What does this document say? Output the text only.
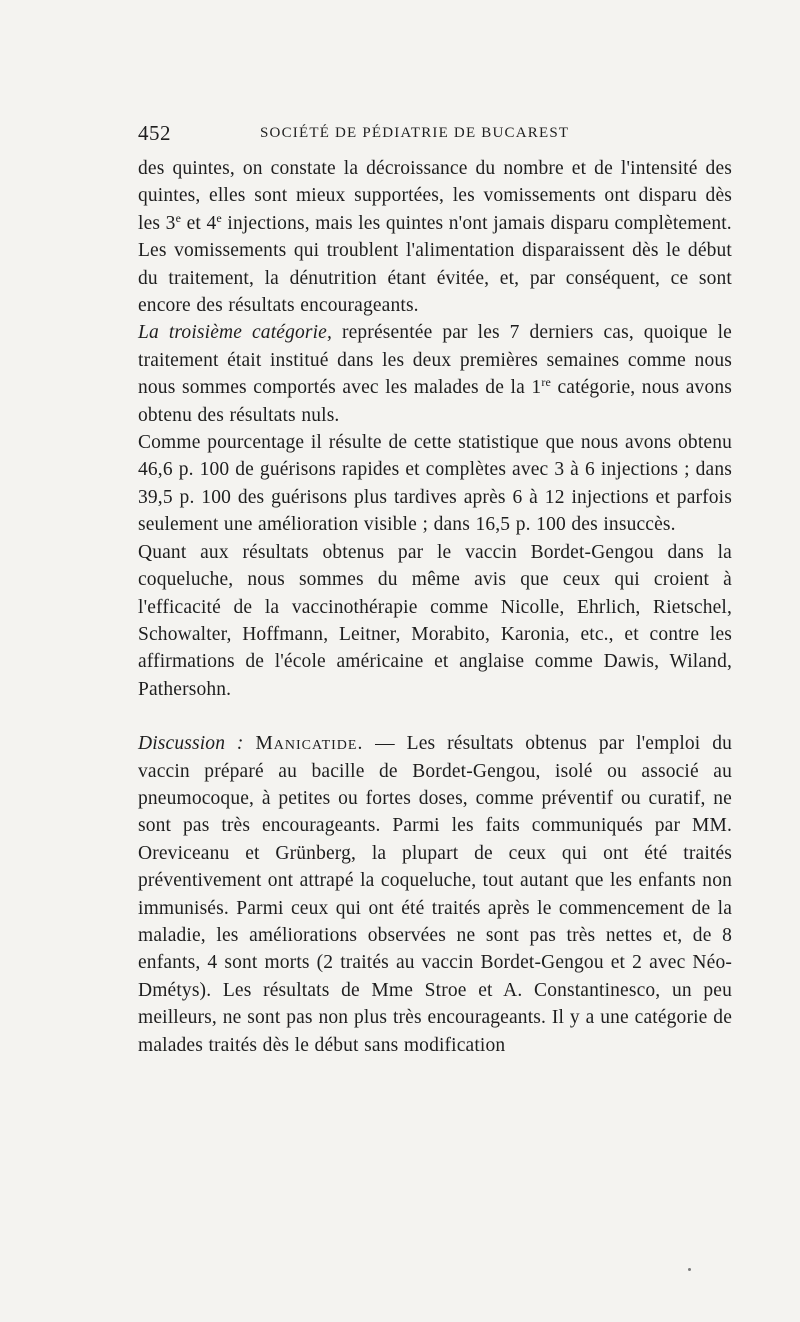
452	SOCIÉTÉ DE PÉDIATRIE DE BUCAREST

des quintes, on constate la décroissance du nombre et de l'intensité des quintes, elles sont mieux supportées, les vomissements ont disparu dès les 3e et 4e injections, mais les quintes n'ont jamais disparu complètement.

Les vomissements qui troublent l'alimentation disparaissent dès le début du traitement, la dénutrition étant évitée, et, par conséquent, ce sont encore des résultats encourageants.

La troisième catégorie, représentée par les 7 derniers cas, quoique le traitement était institué dans les deux premières semaines comme nous nous sommes comportés avec les malades de la 1re catégorie, nous avons obtenu des résultats nuls.

Comme pourcentage il résulte de cette statistique que nous avons obtenu 46,6 p. 100 de guérisons rapides et complètes avec 3 à 6 injections ; dans 39,5 p. 100 des guérisons plus tardives après 6 à 12 injections et parfois seulement une amélioration visible ; dans 16,5 p. 100 des insuccès.

Quant aux résultats obtenus par le vaccin Bordet-Gengou dans la coqueluche, nous sommes du même avis que ceux qui croient à l'efficacité de la vaccinothérapie comme Nicolle, Ehrlich, Rietschel, Schowalter, Hoffmann, Leitner, Morabito, Karonia, etc., et contre les affirmations de l'école américaine et anglaise comme Dawis, Wiland, Pathersohn.

Discussion : Manicatide. — Les résultats obtenus par l'emploi du vaccin préparé au bacille de Bordet-Gengou, isolé ou associé au pneumocoque, à petites ou fortes doses, comme préventif ou curatif, ne sont pas très encourageants. Parmi les faits communiqués par MM. Oreviceanu et Grünberg, la plupart de ceux qui ont été traités préventivement ont attrapé la coqueluche, tout autant que les enfants non immunisés. Parmi ceux qui ont été traités après le commencement de la maladie, les améliorations observées ne sont pas très nettes et, de 8 enfants, 4 sont morts (2 traités au vaccin Bordet-Gengou et 2 avec Néo-Dmétys). Les résultats de Mme Stroe et A. Constantinesco, un peu meilleurs, ne sont pas non plus très encourageants. Il y a une catégorie de malades traités dès le début sans modification
